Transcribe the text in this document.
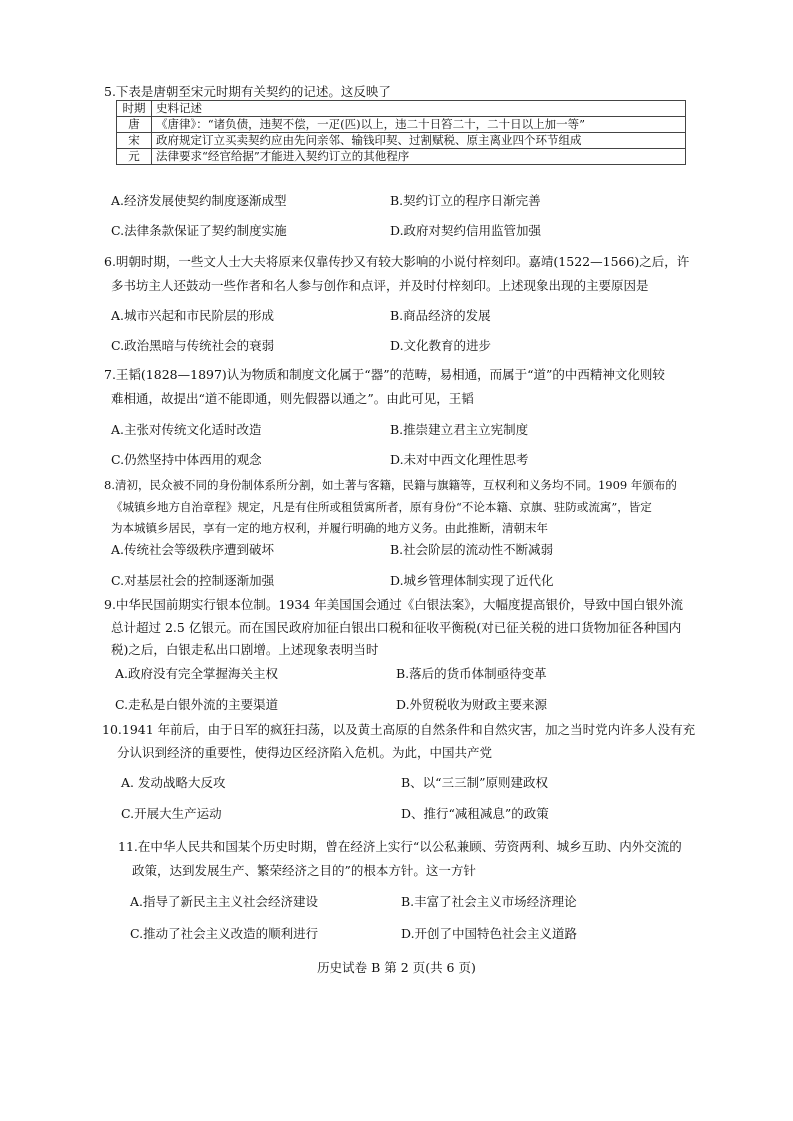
5.下表是唐朝至宋元时期有关契约的记述。这反映了
时期	史料记述
唐	《唐律》：“诸负债，违契不偿，一疋(匹)以上，违二十日笞二十，二十日以上加一等”
宋	政府规定订立买卖契约应由先问亲邻、输钱印契、过割赋税、原主离业四个环节组成
元	法律要求“经官给据”才能进入契约订立的其他程序
A.经济发展使契约制度逐渐成型	B.契约订立的程序日渐完善
C.法律条款保证了契约制度实施	D.政府对契约信用监管加强
6.明朝时期，一些文人士大夫将原来仅靠传抄又有较大影响的小说付梓刻印。嘉靖(1522—1566)之后，许
多书坊主人还鼓动一些作者和名人参与创作和点评，并及时付梓刻印。上述现象出现的主要原因是
A.城市兴起和市民阶层的形成	B.商品经济的发展
C.政治黑暗与传统社会的衰弱	D.文化教育的进步
7.王韬(1828—1897)认为物质和制度文化属于“器”的范畴，易相通，而属于“道”的中西精神文化则较
难相通，故提出“道不能即通，则先假器以通之”。由此可见，王韬
A.主张对传统文化适时改造	B.推崇建立君主立宪制度
C.仍然坚持中体西用的观念	D.未对中西文化理性思考
8.清初，民众被不同的身份制体系所分割，如土著与客籍，民籍与旗籍等，互权利和义务均不同。1909 年颁布的
《城镇乡地方自治章程》规定，凡是有住所或租赁寓所者，原有身份“不论本籍、京旗、驻防或流寓”，皆定
为本城镇乡居民，享有一定的地方权利，并履行明确的地方义务。由此推断，清朝末年
A.传统社会等级秩序遭到破坏	B.社会阶层的流动性不断减弱
C.对基层社会的控制逐渐加强	D.城乡管理体制实现了近代化
9.中华民国前期实行银本位制。1934 年美国国会通过《白银法案》，大幅度提高银价，导致中国白银外流
总计超过 2.5 亿银元。而在国民政府加征白银出口税和征收平衡税(对已征关税的进口货物加征各种国内
税)之后，白银走私出口剧增。上述现象表明当时
A.政府没有完全掌握海关主权	B.落后的货币体制亟待变革
C.走私是白银外流的主要渠道	D.外贸税收为财政主要来源
10.1941 年前后，由于日军的疯狂扫荡，以及黄土高原的自然条件和自然灾害，加之当时党内许多人没有充
分认识到经济的重要性，使得边区经济陷入危机。为此，中国共产党
A. 发动战略大反攻	B、以“三三制”原则建政权
C.开展大生产运动	D、推行“减租减息”的政策
11.在中华人民共和国某个历史时期，曾在经济上实行“以公私兼顾、劳资两利、城乡互助、内外交流的
政策，达到发展生产、繁荣经济之目的”的根本方针。这一方针
A.指导了新民主主义社会经济建设	B.丰富了社会主义市场经济理论
C.推动了社会主义改造的顺利进行	D.开创了中国特色社会主义道路
历史试卷 B 第 2 页(共 6 页)
